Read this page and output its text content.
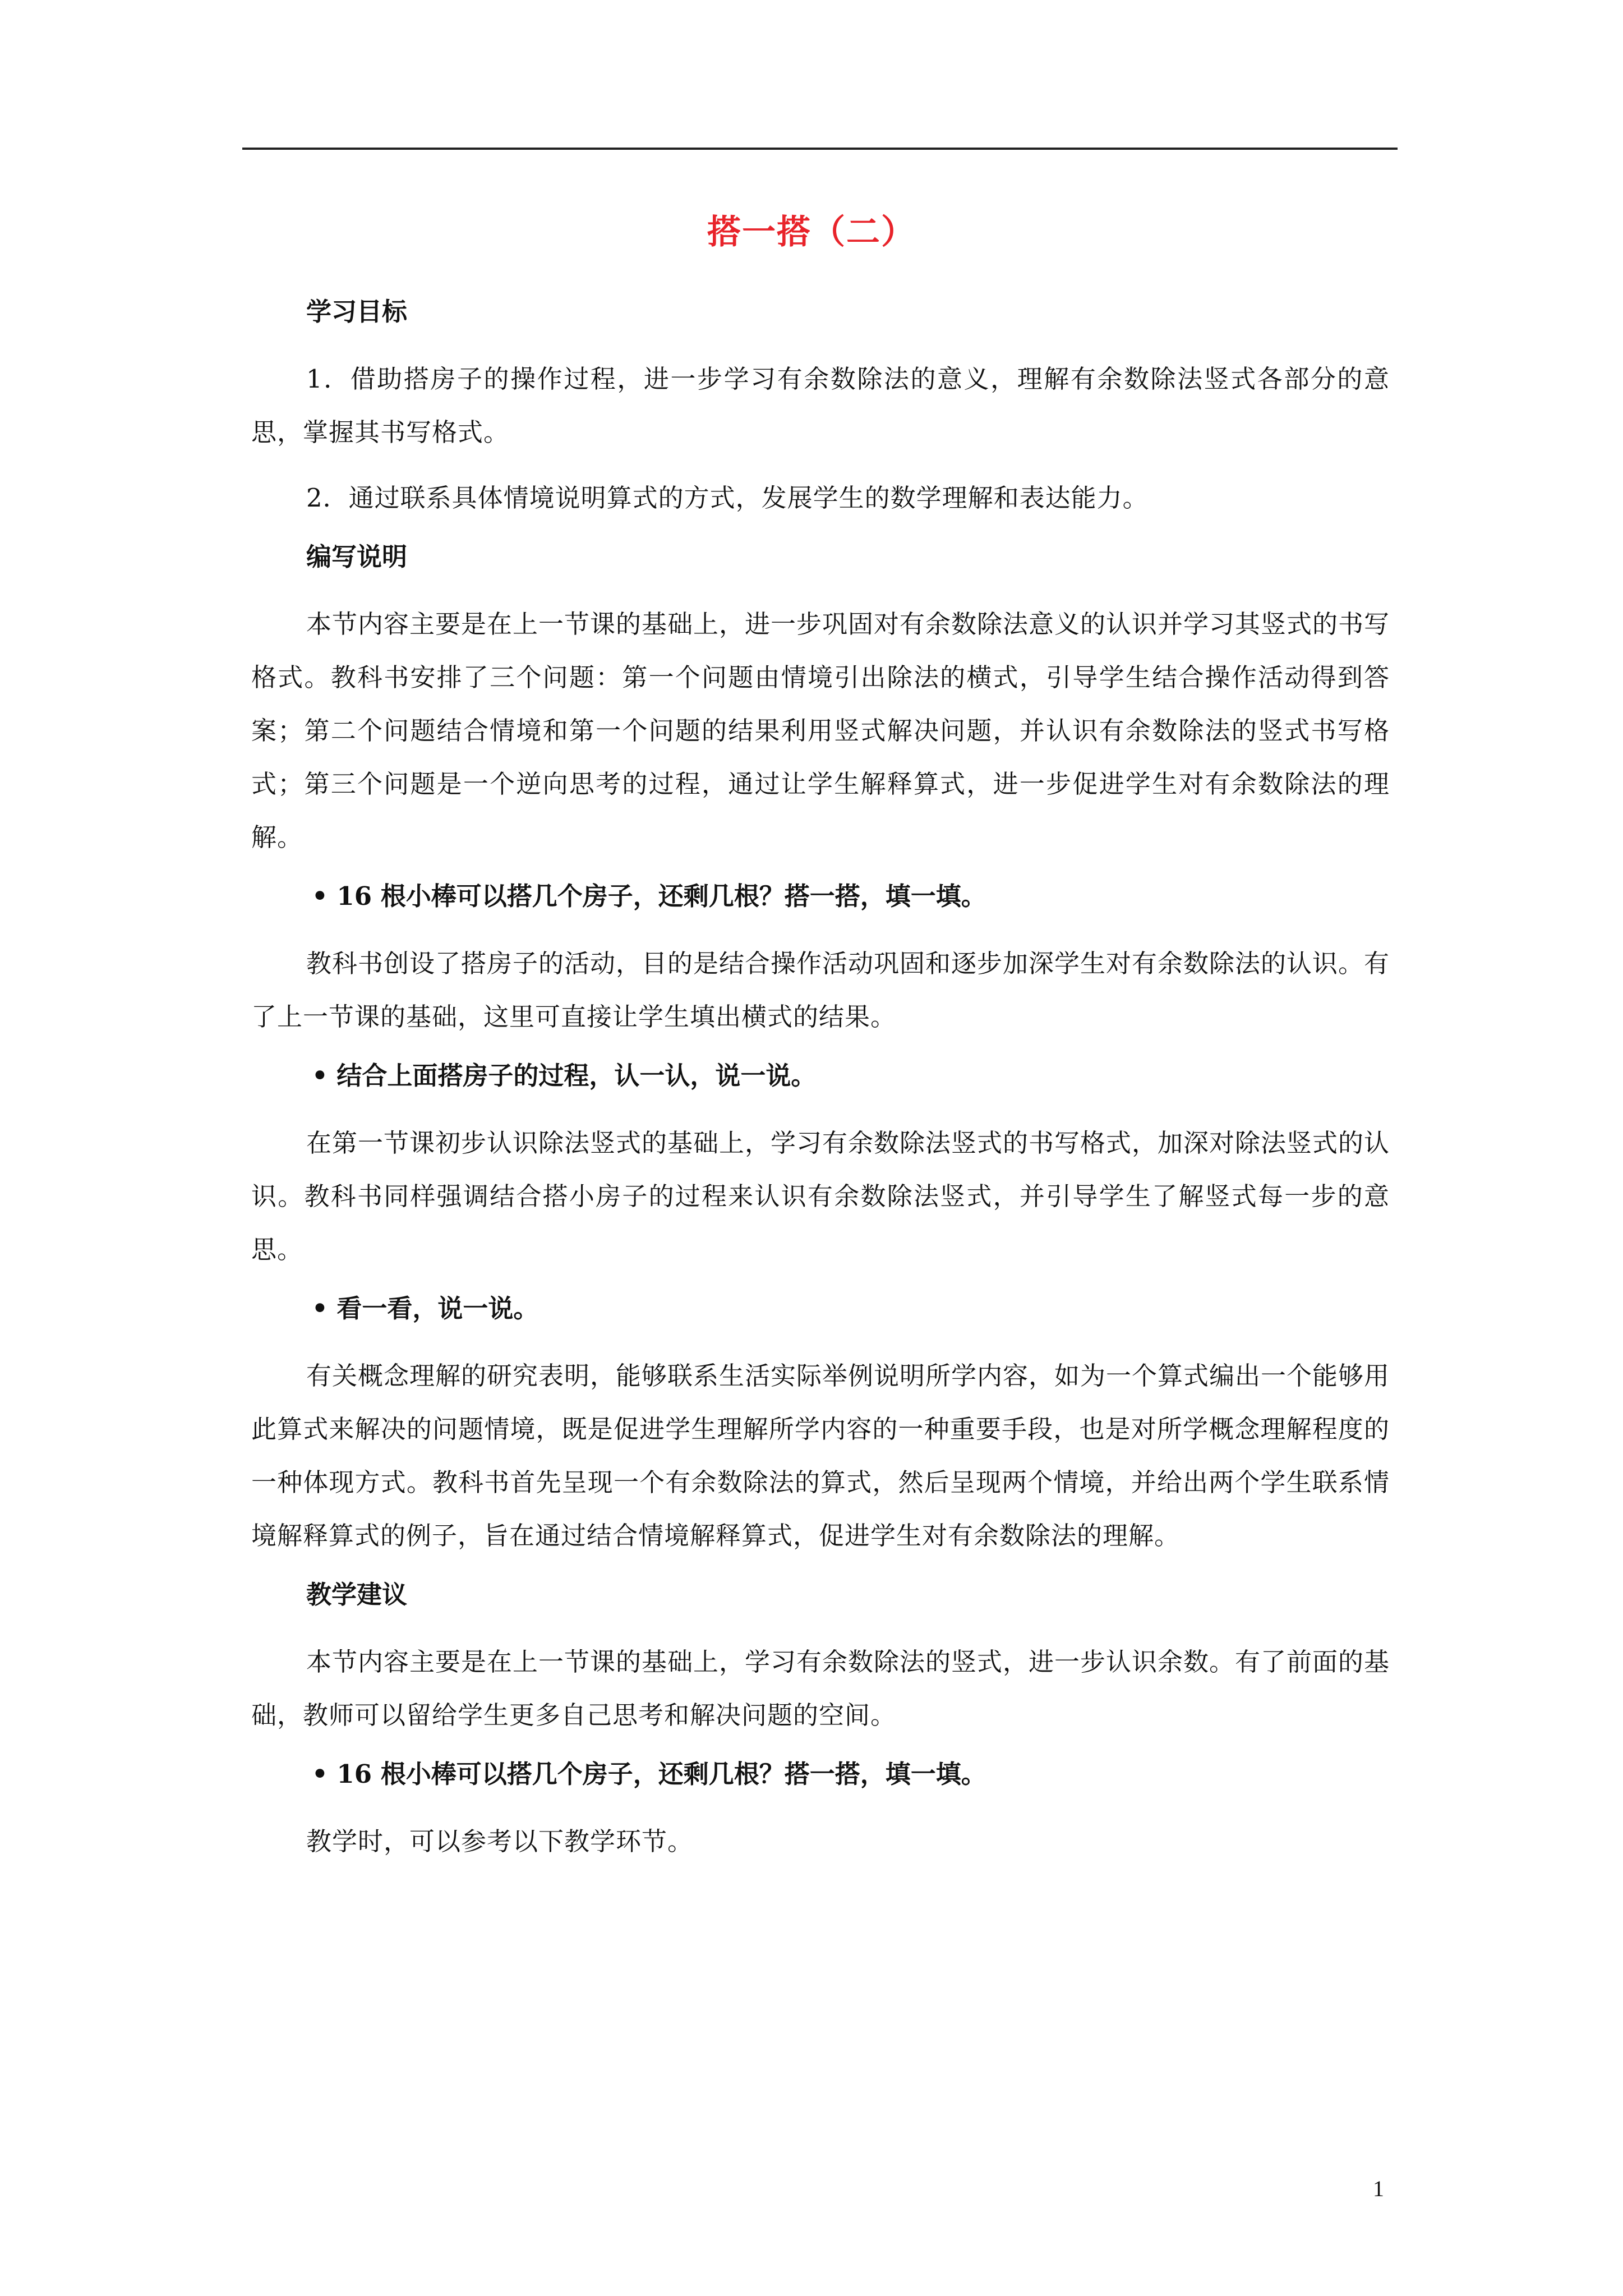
搭一搭（二）
学习目标

1．借助搭房子的操作过程，进一步学习有余数除法的意义，理解有余数除法竖式各部分的意思，掌握其书写格式。

2．通过联系具体情境说明算式的方式，发展学生的数学理解和表达能力。

编写说明

本节内容主要是在上一节课的基础上，进一步巩固对有余数除法意义的认识并学习其竖式的书写格式。教科书安排了三个问题：第一个问题由情境引出除法的横式，引导学生结合操作活动得到答案；第二个问题结合情境和第一个问题的结果利用竖式解决问题，并认识有余数除法的竖式书写格式；第三个问题是一个逆向思考的过程，通过让学生解释算式，进一步促进学生对有余数除法的理解。

• 16 根小棒可以搭几个房子，还剩几根？搭一搭，填一填。

教科书创设了搭房子的活动，目的是结合操作活动巩固和逐步加深学生对有余数除法的认识。有了上一节课的基础，这里可直接让学生填出横式的结果。

• 结合上面搭房子的过程，认一认，说一说。

在第一节课初步认识除法竖式的基础上，学习有余数除法竖式的书写格式，加深对除法竖式的认识。教科书同样强调结合搭小房子的过程来认识有余数除法竖式，并引导学生了解竖式每一步的意思。

• 看一看，说一说。

有关概念理解的研究表明，能够联系生活实际举例说明所学内容，如为一个算式编出一个能够用此算式来解决的问题情境，既是促进学生理解所学内容的一种重要手段，也是对所学概念理解程度的一种体现方式。教科书首先呈现一个有余数除法的算式，然后呈现两个情境，并给出两个学生联系情境解释算式的例子，旨在通过结合情境解释算式，促进学生对有余数除法的理解。

教学建议

本节内容主要是在上一节课的基础上，学习有余数除法的竖式，进一步认识余数。有了前面的基础，教师可以留给学生更多自己思考和解决问题的空间。

• 16 根小棒可以搭几个房子，还剩几根？搭一搭，填一填。

教学时，可以参考以下教学环节。

1
